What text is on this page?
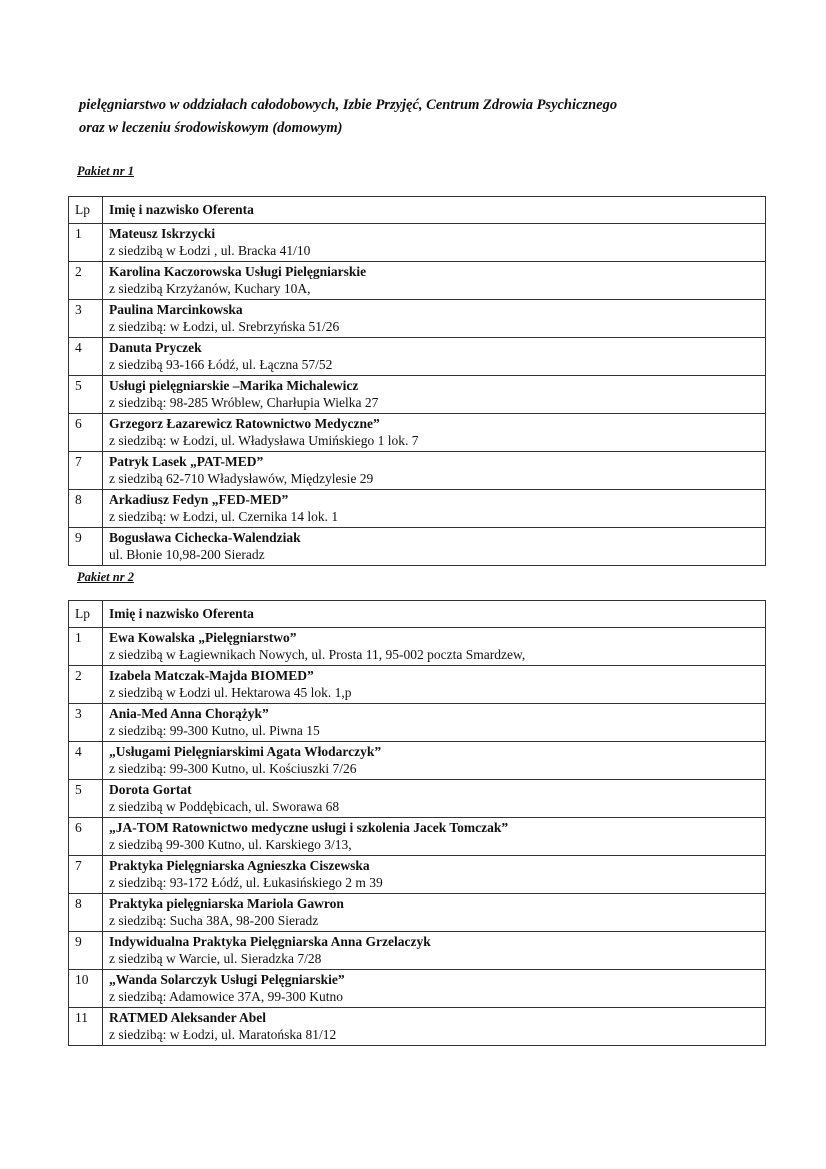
pielęgniarstwo w oddziałach całodobowych, Izbie Przyjęć, Centrum Zdrowia Psychicznego
oraz w leczeniu środowiskowym (domowym)
Pakiet nr 1
Lp	Imię i nazwisko Oferenta
1	Mateusz Iskrzycki
z siedzibą w Łodzi , ul. Bracka 41/10

2	Karolina Kaczorowska Usługi Pielęgniarskie
z siedzibą Krzyżanów, Kuchary 10A,

3	Paulina Marcinkowska
z siedzibą: w Łodzi, ul. Srebrzyńska 51/26

4	Danuta Pryczek
z siedzibą 93-166 Łódź, ul. Łączna 57/52

5	Usługi pielęgniarskie –Marika Michalewicz
z siedzibą: 98-285 Wróblew, Charłupia Wielka 27

6	Grzegorz Łazarewicz Ratownictwo Medyczne”
z siedzibą: w Łodzi, ul. Władysława Umińskiego 1 lok. 7

7	Patryk Lasek „PAT-MED”
z siedzibą 62-710 Władysławów, Międzylesie 29

8	Arkadiusz Fedyn „FED-MED”
z siedzibą: w Łodzi, ul. Czernika 14 lok. 1

9	Bogusława Cichecka-Walendziak
ul. Błonie 10,98-200 Sieradz
Pakiet nr 2
Lp	Imię i nazwisko Oferenta
1	Ewa Kowalska „Pielęgniarstwo”
z siedzibą w Łagiewnikach Nowych, ul. Prosta 11, 95-002 poczta Smardzew,

2	Izabela Matczak-Majda BIOMED”
z siedzibą w Łodzi ul. Hektarowa 45 lok. 1,p

3	Ania-Med Anna Chorążyk”
z siedzibą: 99-300 Kutno, ul. Piwna 15

4	„Usługami Pielęgniarskimi Agata Włodarczyk”
z siedzibą: 99-300 Kutno, ul. Kościuszki 7/26

5	Dorota Gortat
z siedzibą w Poddębicach, ul. Sworawa 68

6	„JA-TOM Ratownictwo medyczne usługi i szkolenia Jacek Tomczak”
z siedzibą 99-300 Kutno, ul. Karskiego 3/13,

7	Praktyka Pielęgniarska Agnieszka Ciszewska
z siedzibą: 93-172 Łódź, ul. Łukasińskiego 2 m 39

8	Praktyka pielęgniarska Mariola Gawron
z siedzibą: Sucha 38A, 98-200 Sieradz

9	Indywidualna Praktyka Pielęgniarska Anna Grzelaczyk
z siedzibą w Warcie, ul. Sieradzka 7/28

10	„Wanda Solarczyk Usługi Pelęgniarskie”
z siedzibą: Adamowice 37A, 99-300 Kutno

11	RATMED Aleksander Abel
z siedzibą: w Łodzi, ul. Maratońska 81/12
